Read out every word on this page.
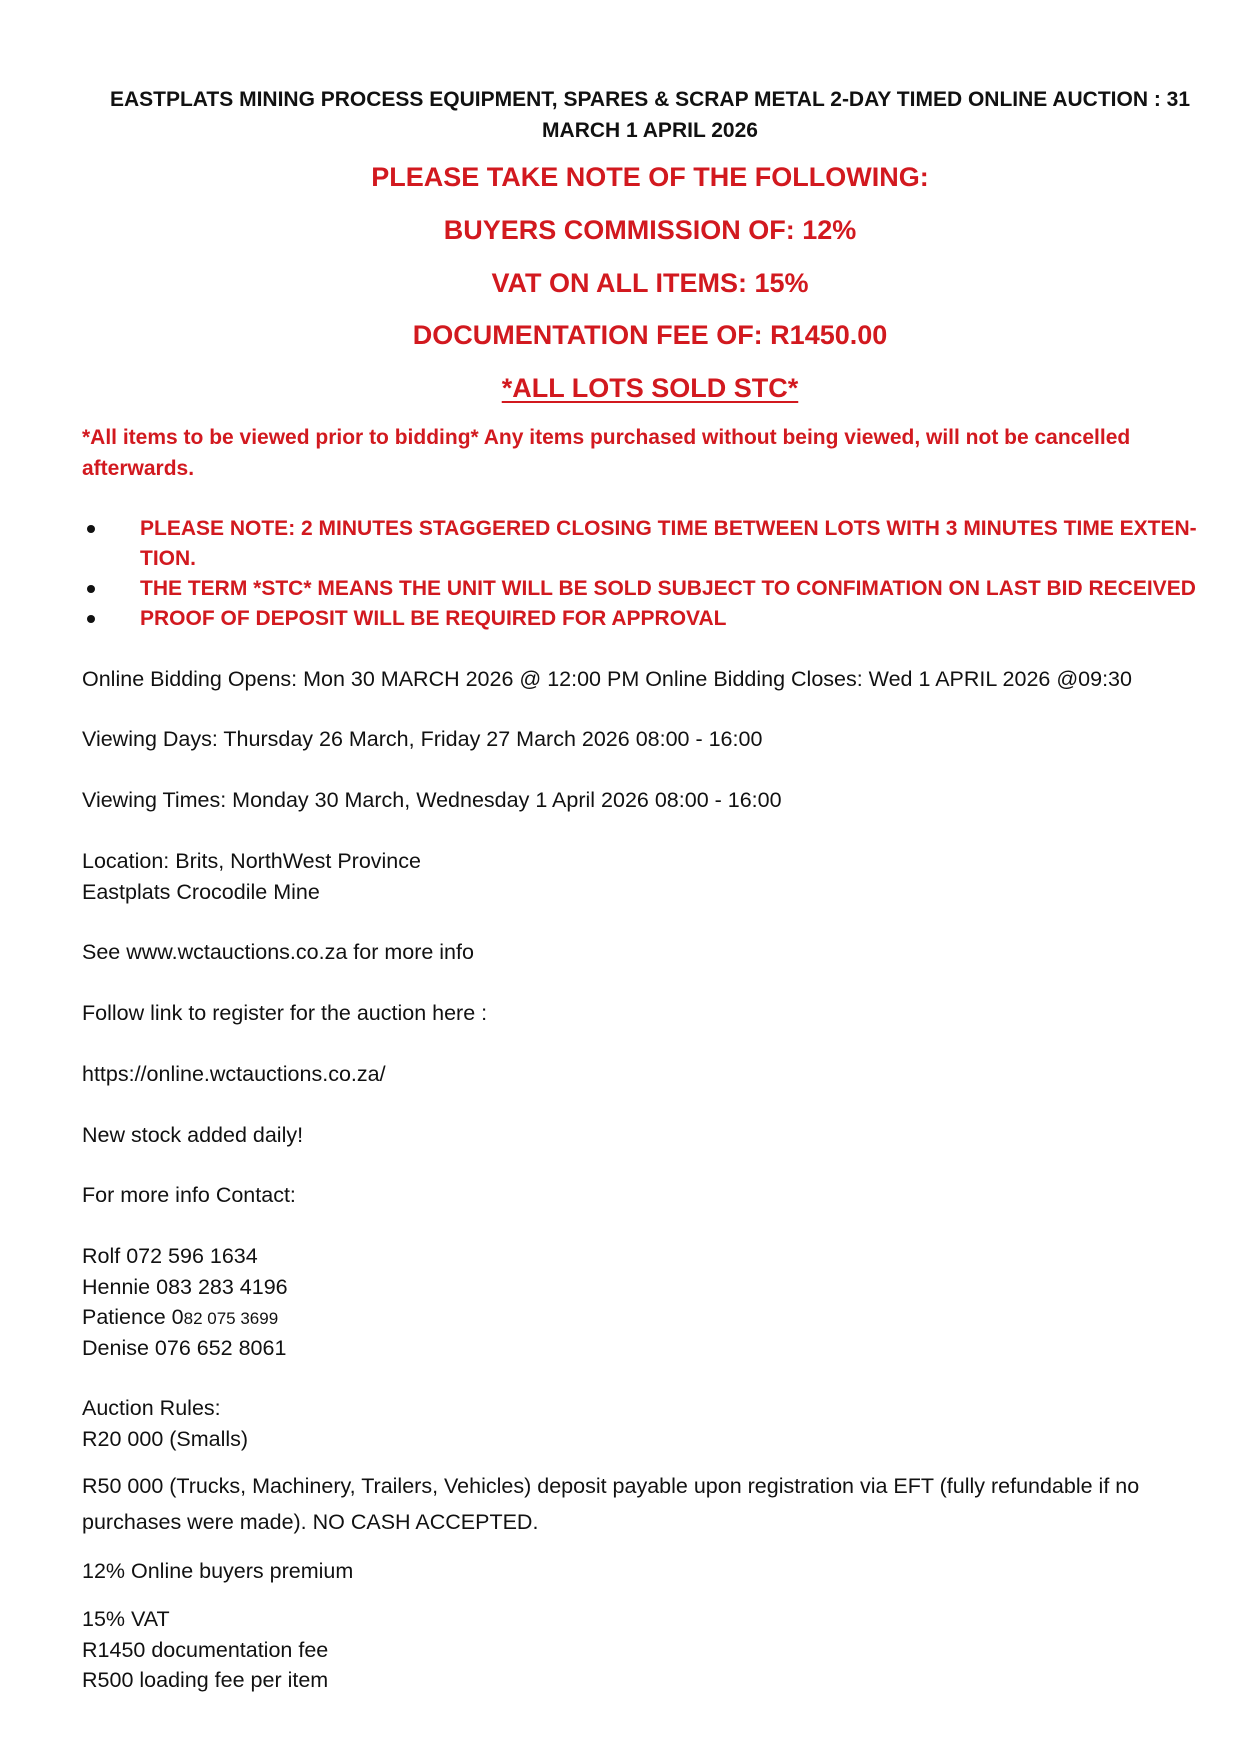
EASTPLATS MINING PROCESS EQUIPMENT, SPARES & SCRAP METAL 2-DAY TIMED ONLINE AUCTION : 31
MARCH 1 APRIL 2026
PLEASE TAKE NOTE OF THE FOLLOWING:
BUYERS COMMISSION OF: 12%
VAT ON ALL ITEMS: 15%
DOCUMENTATION FEE OF: R1450.00
*ALL LOTS SOLD STC*
*All items to be viewed prior to bidding* Any items purchased without being viewed, will not be cancelled
afterwards.
PLEASE NOTE: 2 MINUTES STAGGERED CLOSING TIME BETWEEN LOTS WITH 3 MINUTES TIME EXTEN-
TION.
THE TERM *STC* MEANS THE UNIT WILL BE SOLD SUBJECT TO CONFIMATION ON LAST BID RECEIVED
PROOF OF DEPOSIT WILL BE REQUIRED FOR APPROVAL
Online Bidding Opens: Mon 30 MARCH 2026 @ 12:00 PM Online Bidding Closes: Wed 1 APRIL 2026 @09:30
Viewing Days: Thursday 26 March, Friday 27 March 2026 08:00 - 16:00
Viewing Times: Monday 30 March, Wednesday 1 April 2026 08:00 - 16:00
Location: Brits, NorthWest Province
Eastplats Crocodile Mine
See www.wctauctions.co.za for more info
Follow link to register for the auction here :
https://online.wctauctions.co.za/
New stock added daily!
For more info Contact:
Rolf 072 596 1634
Hennie 083 283 4196
Patience 082 075 3699
Denise 076 652 8061
Auction Rules:
R20 000 (Smalls)
R50 000 (Trucks, Machinery, Trailers, Vehicles) deposit payable upon registration via EFT (fully refundable if no
purchases were made). NO CASH ACCEPTED.
12% Online buyers premium
15% VAT
R1450 documentation fee
R500 loading fee per item
